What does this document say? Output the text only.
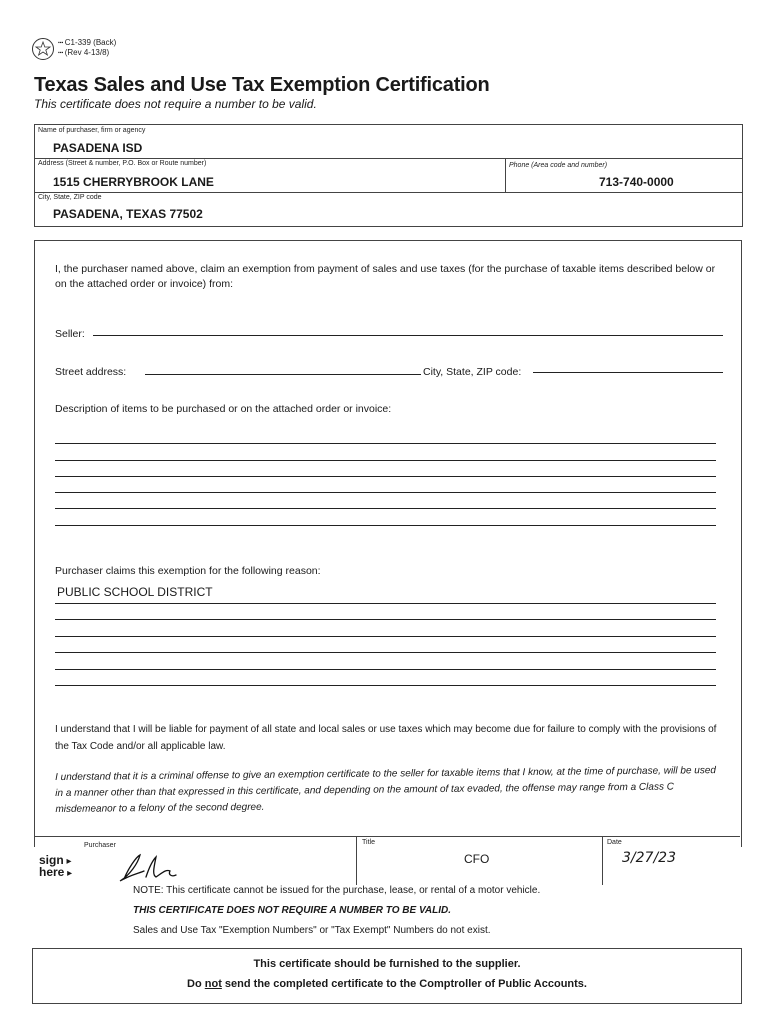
▪▪▪ C1-339 (Back)
▪▪▪ (Rev 4-13/8)
Texas Sales and Use Tax Exemption Certification
This certificate does not require a number to be valid.
Name of purchaser, firm or agency
PASADENA ISD
Address (Street & number, P.O. Box or Route number)
1515 CHERRYBROOK LANE
Phone (Area code and number)
713-740-0000
City, State, ZIP code
PASADENA, TEXAS 77502
I, the purchaser named above, claim an exemption from payment of sales and use taxes (for the purchase of taxable items described below or on the attached order or invoice) from:
Seller:
Street address:	City, State, ZIP code:
Description of items to be purchased or on the attached order or invoice:
Purchaser claims this exemption for the following reason:
PUBLIC SCHOOL DISTRICT
I understand that I will be liable for payment of all state and local sales or use taxes which may become due for failure to comply with the provisions of the Tax Code and/or all applicable law.
I understand that it is a criminal offense to give an exemption certificate to the seller for taxable items that I know, at the time of purchase, will be used in a manner other than that expressed in this certificate, and depending on the amount of tax evaded, the offense may range from a Class C misdemeanor to a felony of the second degree.
sign ▸
here ▸
Purchaser	Title
CFO
Date
3/27/23
NOTE: This certificate cannot be issued for the purchase, lease, or rental of a motor vehicle.
THIS CERTIFICATE DOES NOT REQUIRE A NUMBER TO BE VALID.
Sales and Use Tax "Exemption Numbers" or "Tax Exempt" Numbers do not exist.
This certificate should be furnished to the supplier.
Do not send the completed certificate to the Comptroller of Public Accounts.
